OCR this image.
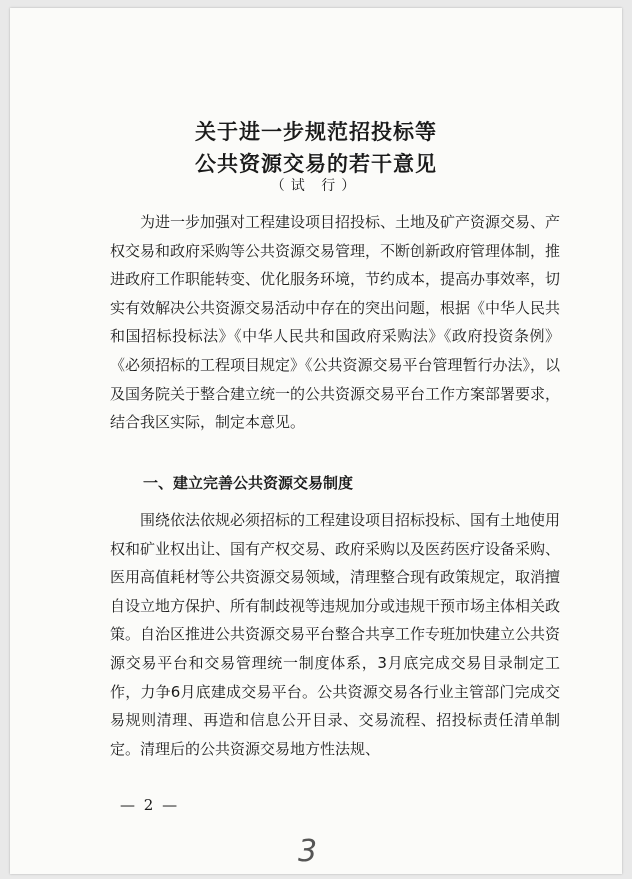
关于进一步规范招投标等
公共资源交易的若干意见
（试 行）

为进一步加强对工程建设项目招投标、土地及矿产资源交易、产权交易和政府采购等公共资源交易管理，不断创新政府管理体制，推进政府工作职能转变、优化服务环境，节约成本，提高办事效率，切实有效解决公共资源交易活动中存在的突出问题，根据《中华人民共和国招标投标法》《中华人民共和国政府采购法》《政府投资条例》《必须招标的工程项目规定》《公共资源交易平台管理暂行办法》，以及国务院关于整合建立统一的公共资源交易平台工作方案部署要求，结合我区实际，制定本意见。

一、建立完善公共资源交易制度

围绕依法依规必须招标的工程建设项目招标投标、国有土地使用权和矿业权出让、国有产权交易、政府采购以及医药医疗设备采购、医用高值耗材等公共资源交易领域，清理整合现有政策规定，取消擅自设立地方保护、所有制歧视等违规加分或违规干预市场主体相关政策。自治区推进公共资源交易平台整合共享工作专班加快建立公共资源交易平台和交易管理统一制度体系，3月底完成交易目录制定工作，力争6月底建成交易平台。公共资源交易各行业主管部门完成交易规则清理、再造和信息公开目录、交易流程、招投标责任清单制定。清理后的公共资源交易地方性法规、

— 2 —
3
